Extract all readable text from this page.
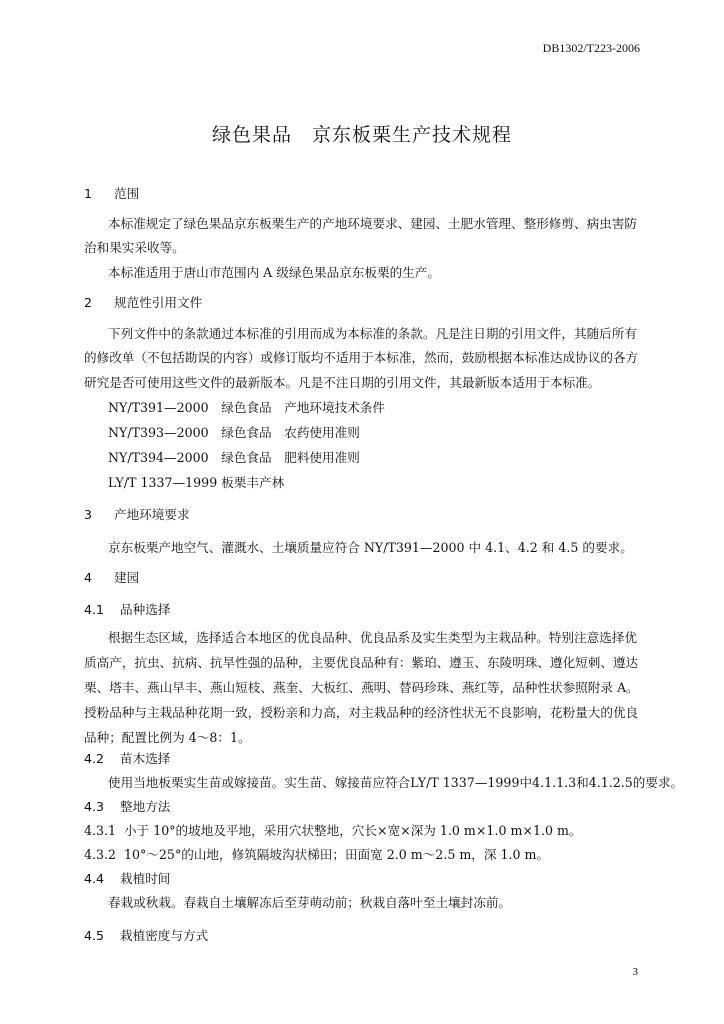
DB1302/T223-2006
绿色果品　京东板栗生产技术规程
1 范围
本标准规定了绿色果品京东板栗生产的产地环境要求、建园、土肥水管理、整形修剪、病虫害防
治和果实采收等。
本标准适用于唐山市范围内 A 级绿色果品京东板栗的生产。
2 规范性引用文件
下列文件中的条款通过本标准的引用而成为本标准的条款。凡是注日期的引用文件，其随后所有
的修改单（不包括勘误的内容）或修订版均不适用于本标准，然而，鼓励根据本标准达成协议的各方
研究是否可使用这些文件的最新版本。凡是不注日期的引用文件，其最新版本适用于本标准。
NY/T391—2000　绿色食品　产地环境技术条件
NY/T393—2000　绿色食品　农药使用准则
NY/T394—2000　绿色食品　肥料使用准则
LY/T 1337—1999 板栗丰产林
3 产地环境要求
京东板栗产地空气、灌溉水、土壤质量应符合 NY/T391—2000 中 4.1、4.2 和 4.5 的要求。
4 建园
4.1 品种选择
根据生态区域，选择适合本地区的优良品种、优良品系及实生类型为主栽品种。特别注意选择优
质高产，抗虫、抗病、抗旱性强的品种，主要优良品种有：紫珀、遵玉、东陵明珠、遵化短刺、遵达
栗、塔丰、燕山早丰、燕山短枝、燕奎、大板红、燕明、替码珍珠、燕红等，品种性状参照附录 A。
授粉品种与主栽品种花期一致，授粉亲和力高，对主栽品种的经济性状无不良影响，花粉量大的优良
品种；配置比例为 4～8：1。
4.2 苗木选择
使用当地板栗实生苗或嫁接苗。实生苗、嫁接苗应符合LY/T 1337—1999中4.1.1.3和4.1.2.5的要求。
4.3 整地方法
4.3.1 小于 10°的坡地及平地，采用穴状整地，穴长×宽×深为 1.0 m×1.0 m×1.0 m。
4.3.2 10°～25°的山地，修筑隔坡沟状梯田；田面宽 2.0 m～2.5 m，深 1.0 m。
4.4 栽植时间
春栽或秋栽。春栽自土壤解冻后至芽萌动前；秋栽自落叶至土壤封冻前。
4.5 栽植密度与方式
3
